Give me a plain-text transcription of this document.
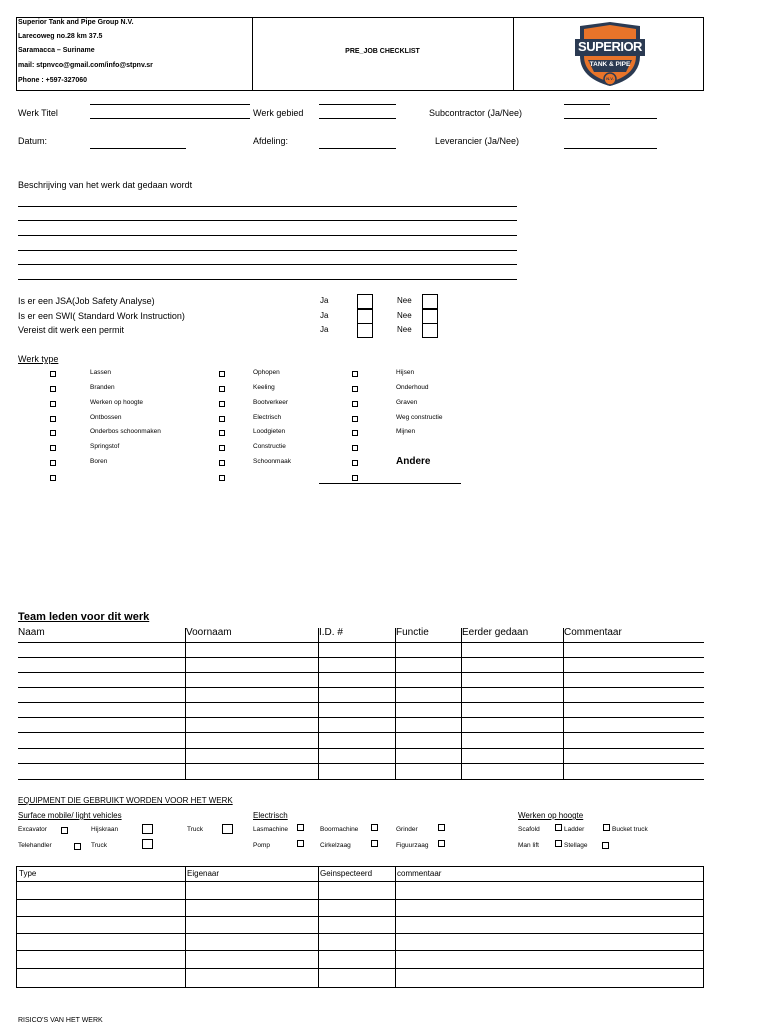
Superior Tank and Pipe Group N.V.
Larecoweg no.28 km 37.5
Saramacca – Suriname
mail: stpnvco@gmail.com/info@stpnv.sr
Phone : +597-327060
PRE_JOB CHECKLIST	SUPERIOR
TANK & PIPE
N.V.
Werk Titel	Werk gebied	Subcontractor (Ja/Nee)
Datum:	Afdeling:	Leverancier (Ja/Nee)
Beschrijving van het werk dat gedaan wordt
Is er een JSA(Job Safety Analyse)	Ja	Nee
Is er een SWI( Standard Work Instruction)	Ja	Nee
Vereist dit werk een permit	Ja	Nee
Werk type
Lassen
Branden
Werken op hoogte
Ontbossen
Onderbos schoonmaken
Springstof
Boren
Ophopen
Keeling
Bootverkeer
Electrisch
Loodgieten
Constructie
Schoonmaak
Hijsen
Onderhoud
Graven
Weg constructie
Mijnen
Andere
Team leden voor dit werk
Naam	Voornaam	I.D. #	Functie	Eerder gedaan	Commentaar
EQUIPMENT DIE GEBRUIKT WORDEN VOOR HET WERK
Surface mobile/ light vehicles	Electrisch	Werken op hoogte
Excavator	Hijskraan	Truck	Lasmachine	Boormachine	Grinder	Scafold	Ladder	Bucket truck
Telehandler	Truck	Pomp	Cirkelzaag	Figuurzaag	Man lift	Stellage
Type	Eigenaar	Geinspecteerd	commentaar
RISICO'S VAN HET WERK
